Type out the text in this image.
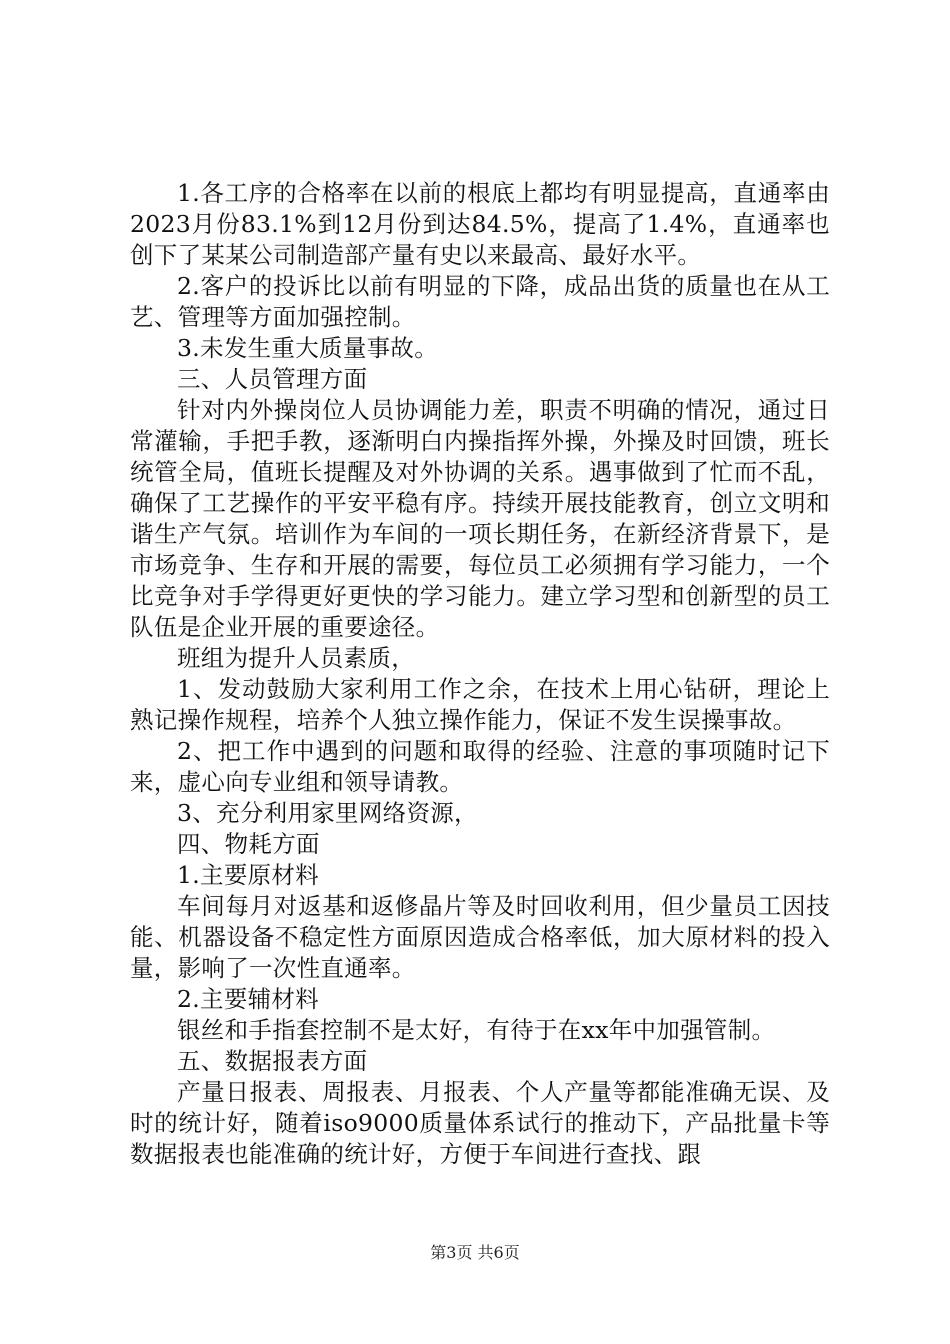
1.各工序的合格率在以前的根底上都均有明显提高，直通率由2023月份83.1%到12月份到达84.5%，提高了1.4%，直通率也创下了某某公司制造部产量有史以来最高、最好水平。

2.客户的投诉比以前有明显的下降，成品出货的质量也在从工艺、管理等方面加强控制。

3.未发生重大质量事故。

三、人员管理方面

针对内外操岗位人员协调能力差，职责不明确的情况，通过日常灌输，手把手教，逐渐明白内操指挥外操，外操及时回馈，班长统管全局，值班长提醒及对外协调的关系。遇事做到了忙而不乱，确保了工艺操作的平安平稳有序。持续开展技能教育，创立文明和谐生产气氛。培训作为车间的一项长期任务，在新经济背景下，是市场竞争、生存和开展的需要，每位员工必须拥有学习能力，一个比竞争对手学得更好更快的学习能力。建立学习型和创新型的员工队伍是企业开展的重要途径。

班组为提升人员素质，

1、发动鼓励大家利用工作之余，在技术上用心钻研，理论上熟记操作规程，培养个人独立操作能力，保证不发生误操事故。

2、把工作中遇到的问题和取得的经验、注意的事项随时记下来，虚心向专业组和领导请教。

3、充分利用家里网络资源，

四、物耗方面

1.主要原材料

车间每月对返基和返修晶片等及时回收利用，但少量员工因技能、机器设备不稳定性方面原因造成合格率低，加大原材料的投入量，影响了一次性直通率。

2.主要辅材料

银丝和手指套控制不是太好，有待于在xx年中加强管制。

五、数据报表方面

产量日报表、周报表、月报表、个人产量等都能准确无误、及时的统计好，随着iso9000质量体系试行的推动下，产品批量卡等数据报表也能准确的统计好，方便于车间进行查找、跟

第3页 共6页
